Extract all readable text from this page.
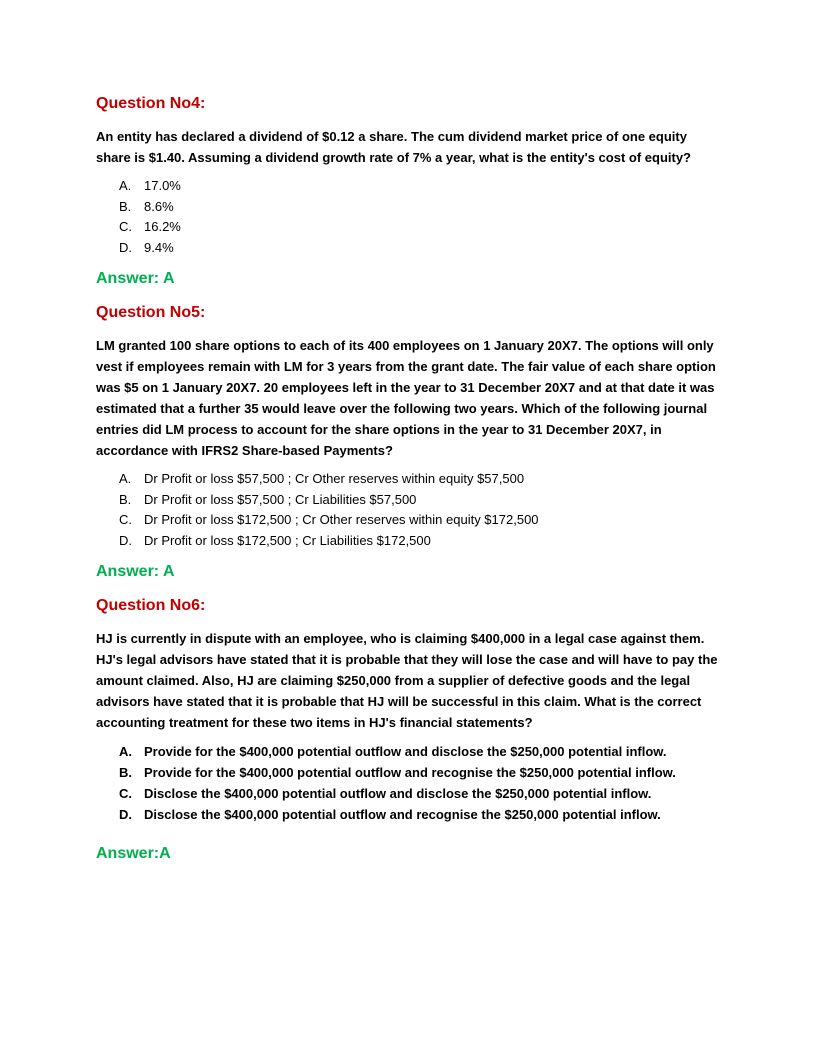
Question No4:

An entity has declared a dividend of $0.12 a share. The cum dividend market price of one equity share is $1.40. Assuming a dividend growth rate of 7% a year, what is the entity's cost of equity?

A. 17.0%
B. 8.6%
C. 16.2%
D. 9.4%
Answer: A
Question No5:

LM granted 100 share options to each of its 400 employees on 1 January 20X7. The options will only vest if employees remain with LM for 3 years from the grant date. The fair value of each share option was $5 on 1 January 20X7. 20 employees left in the year to 31 December 20X7 and at that date it was estimated that a further 35 would leave over the following two years. Which of the following journal entries did LM process to account for the share options in the year to 31 December 20X7, in accordance with IFRS2 Share-based Payments?

A. Dr Profit or loss $57,500 ; Cr Other reserves within equity $57,500
B. Dr Profit or loss $57,500 ; Cr Liabilities $57,500
C. Dr Profit or loss $172,500 ; Cr Other reserves within equity $172,500
D. Dr Profit or loss $172,500 ; Cr Liabilities $172,500
Answer: A
Question No6:

HJ is currently in dispute with an employee, who is claiming $400,000 in a legal case against them. HJ's legal advisors have stated that it is probable that they will lose the case and will have to pay the amount claimed. Also, HJ are claiming $250,000 from a supplier of defective goods and the legal advisors have stated that it is probable that HJ will be successful in this claim. What is the correct accounting treatment for these two items in HJ's financial statements?

A. Provide for the $400,000 potential outflow and disclose the $250,000 potential inflow.
B. Provide for the $400,000 potential outflow and recognise the $250,000 potential inflow.
C. Disclose the $400,000 potential outflow and disclose the $250,000 potential inflow.
D. Disclose the $400,000 potential outflow and recognise the $250,000 potential inflow.
Answer:A
